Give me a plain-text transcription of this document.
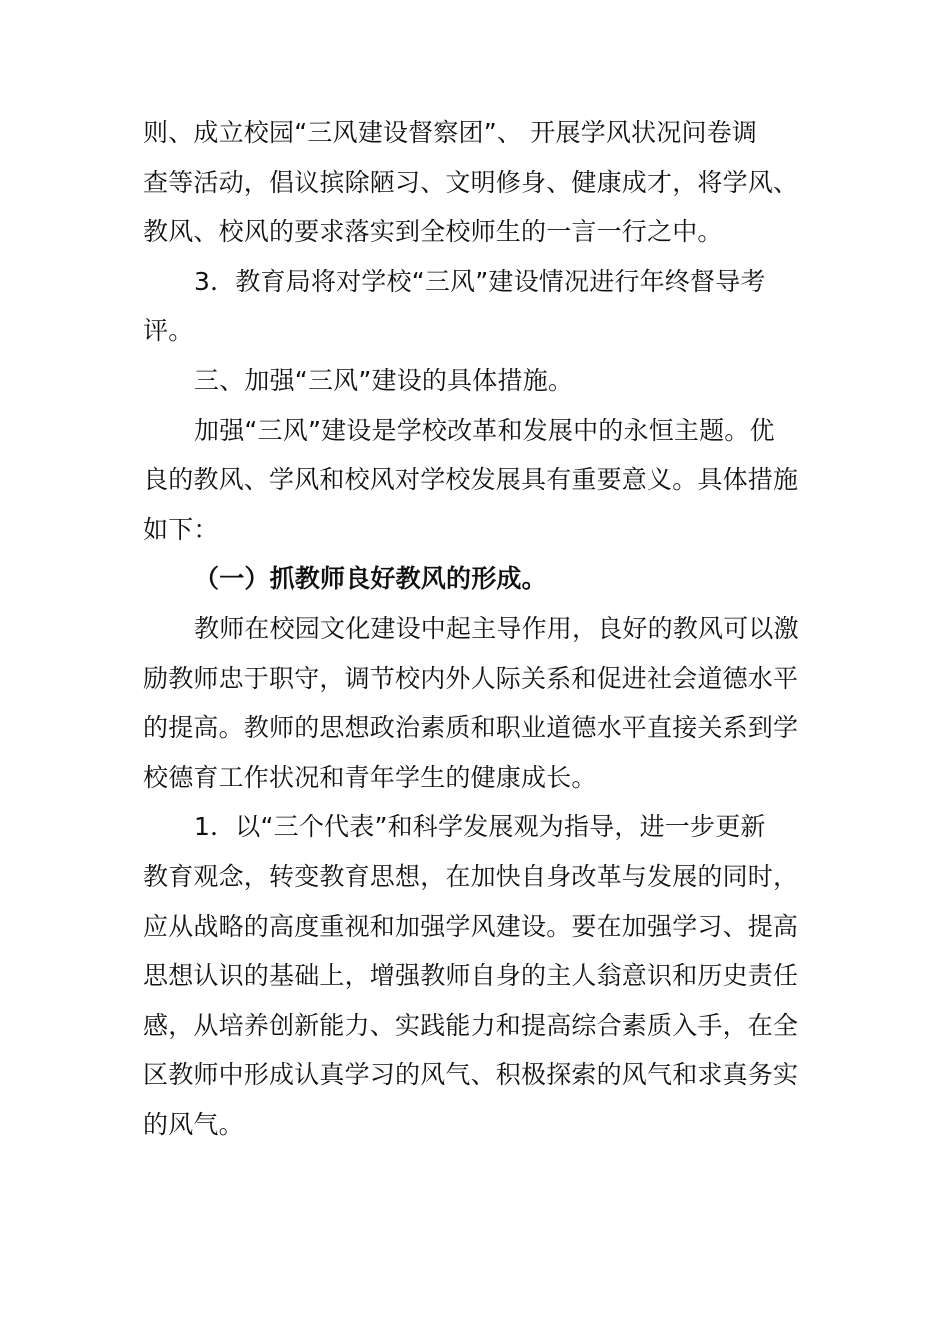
则、成立校园“三风建设督察团”、 开展学风状况问卷调
查等活动，倡议摈除陋习、文明修身、健康成才，将学风、
教风、校风的要求落实到全校师生的一言一行之中。
3．教育局将对学校“三风”建设情况进行年终督导考
评。
三、加强“三风”建设的具体措施。
加强“三风”建设是学校改革和发展中的永恒主题。优
良的教风、学风和校风对学校发展具有重要意义。具体措施
如下：
（一）抓教师良好教风的形成。
教师在校园文化建设中起主导作用，良好的教风可以激
励教师忠于职守，调节校内外人际关系和促进社会道德水平
的提高。教师的思想政治素质和职业道德水平直接关系到学
校德育工作状况和青年学生的健康成长。
1．以“三个代表”和科学发展观为指导，进一步更新
教育观念，转变教育思想，在加快自身改革与发展的同时，
应从战略的高度重视和加强学风建设。要在加强学习、提高
思想认识的基础上，增强教师自身的主人翁意识和历史责任
感，从培养创新能力、实践能力和提高综合素质入手，在全
区教师中形成认真学习的风气、积极探索的风气和求真务实
的风气。
